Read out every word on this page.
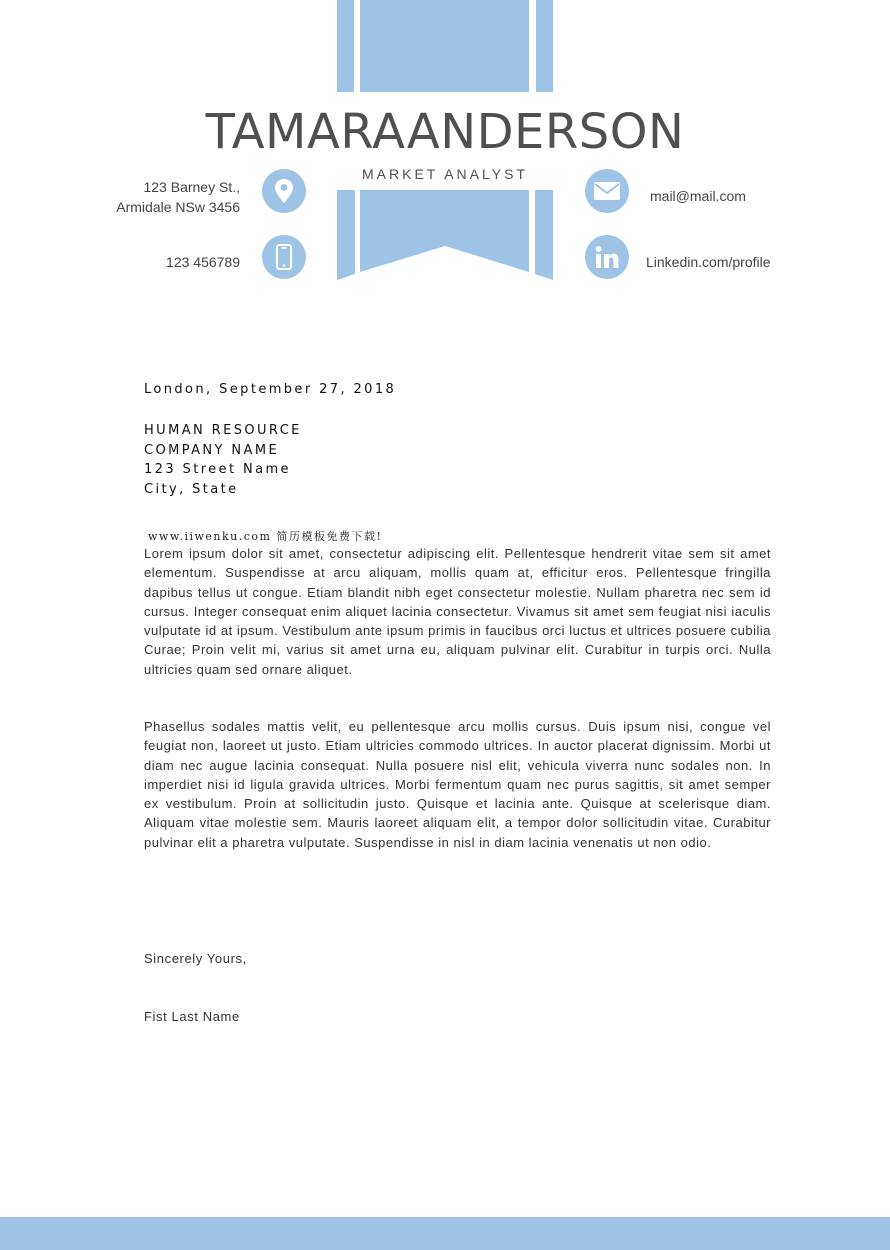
TAMARAANDERSON
MARKET ANALYST
123 Barney St.,
Armidale NSw 3456
123 456789
mail@mail.com
Linkedin.com/profile
London, September 27, 2018
HUMAN RESOURCE
COMPANY NAME
123 Street Name
City, State
www.iiwenku.com 简历模板免费下载!

Lorem ipsum dolor sit amet, consectetur adipiscing elit. Pellentesque hendrerit vitae sem sit amet elementum. Suspendisse at arcu aliquam, mollis quam at, efficitur eros. Pellentesque fringilla dapibus tellus ut congue. Etiam blandit nibh eget consectetur molestie. Nullam pharetra nec sem id cursus. Integer consequat enim aliquet lacinia consectetur. Vivamus sit amet sem feugiat nisi iaculis vulputate id at ipsum. Vestibulum ante ipsum primis in faucibus orci luctus et ultrices posuere cubilia Curae; Proin velit mi, varius sit amet urna eu, aliquam pulvinar elit. Curabitur in turpis orci. Nulla ultricies quam sed ornare aliquet.

Phasellus sodales mattis velit, eu pellentesque arcu mollis cursus. Duis ipsum nisi, congue vel feugiat non, laoreet ut justo. Etiam ultricies commodo ultrices. In auctor placerat dignissim. Morbi ut diam nec augue lacinia consequat. Nulla posuere nisl elit, vehicula viverra nunc sodales non. In imperdiet nisi id ligula gravida ultrices. Morbi fermentum quam nec purus sagittis, sit amet semper ex vestibulum. Proin at sollicitudin justo. Quisque et lacinia ante. Quisque at scelerisque diam. Aliquam vitae molestie sem. Mauris laoreet aliquam elit, a tempor dolor sollicitudin vitae. Curabitur pulvinar elit a pharetra vulputate. Suspendisse in nisl in diam lacinia venenatis ut non odio.

Sincerely Yours,
Fist Last Name
